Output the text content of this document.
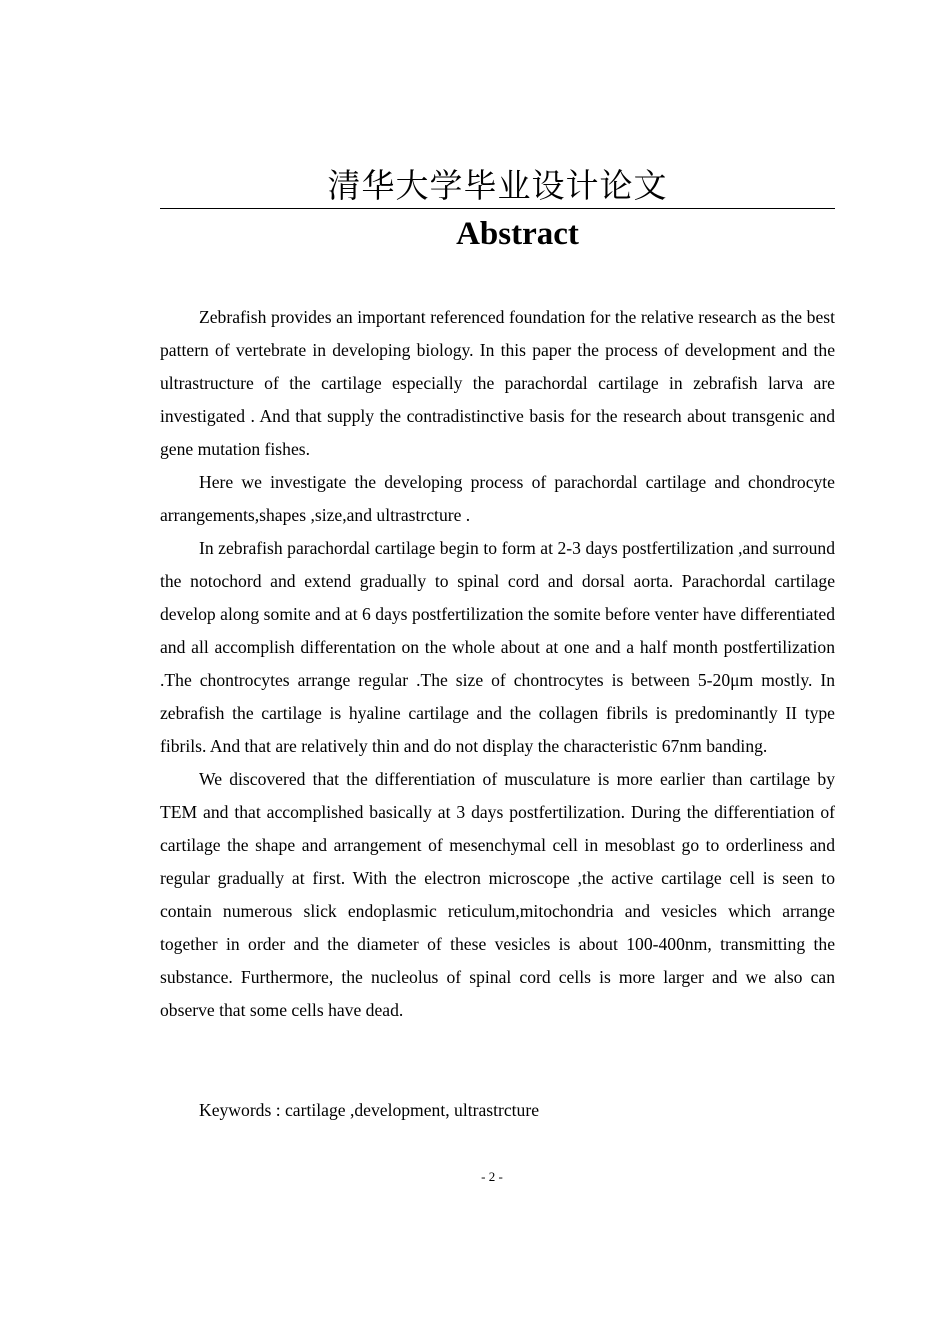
清华大学毕业设计论文
Abstract

Zebrafish provides an important referenced foundation for the relative research as the best pattern of vertebrate in developing biology. In this paper the process of development and the ultrastructure of the cartilage especially the parachordal cartilage in zebrafish larva are investigated . And that supply the contradistinctive basis for the research about transgenic and gene mutation fishes.

Here we investigate the developing process of parachordal cartilage and chondrocyte arrangements,shapes ,size,and ultrastrcture .

In zebrafish parachordal cartilage begin to form at 2-3 days postfertilization ,and surround the notochord and extend gradually to spinal cord and dorsal aorta. Parachordal cartilage develop along somite and at 6 days postfertilization the somite before venter have differentiated and all accomplish differentation on the whole about at one and a half month postfertilization .The chontrocytes arrange regular .The size of chontrocytes is between 5-20μm mostly. In zebrafish the cartilage is hyaline cartilage and the collagen fibrils is predominantly II type fibrils. And that are relatively thin and do not display the characteristic 67nm banding.

We discovered that the differentiation of musculature is more earlier than cartilage by TEM and that accomplished basically at 3 days postfertilization. During the differentiation of cartilage the shape and arrangement of mesenchymal cell in mesoblast go to orderliness and regular gradually at first. With the electron microscope ,the active cartilage cell is seen to contain numerous slick endoplasmic reticulum,mitochondria and vesicles which arrange together in order and the diameter of these vesicles is about 100-400nm, transmitting the substance. Furthermore, the nucleolus of spinal cord cells is more larger and we also can observe that some cells have dead.

Keywords : cartilage ,development, ultrastrcture
- 2 -
